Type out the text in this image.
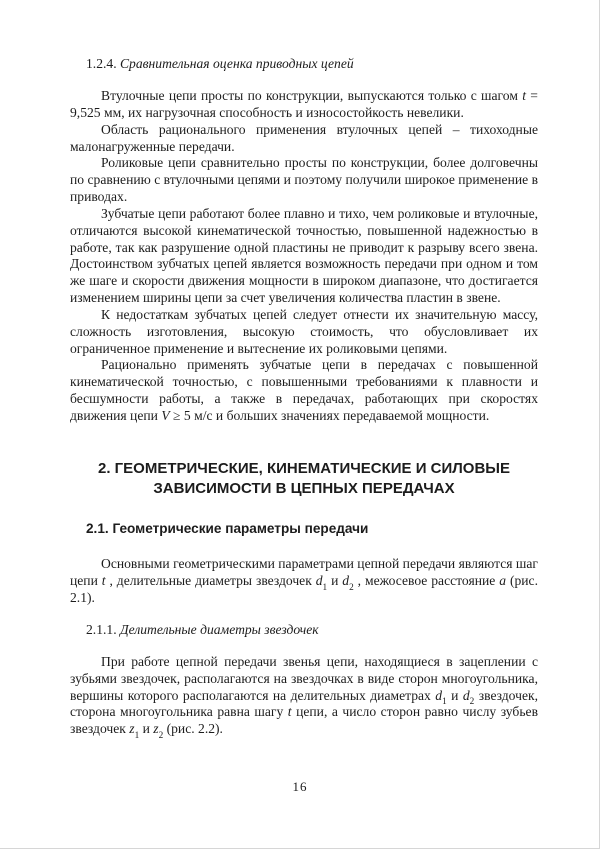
1.2.4. Сравнительная оценка приводных цепей

Втулочные цепи просты по конструкции, выпускаются только с шагом t = 9,525 мм, их нагрузочная способность и износостойкость невелики.

Область рационального применения втулочных цепей – тихоходные малонагруженные передачи.

Роликовые цепи сравнительно просты по конструкции, более долговечны по сравнению с втулочными цепями и поэтому получили широкое применение в приводах.

Зубчатые цепи работают более плавно и тихо, чем роликовые и втулочные, отличаются высокой кинематической точностью, повышенной надежностью в работе, так как разрушение одной пластины не приводит к разрыву всего звена. Достоинством зубчатых цепей является возможность передачи при одном и том же шаге и скорости движения мощности в широком диапазоне, что достигается изменением ширины цепи за счет увеличения количества пластин в звене.

К недостаткам зубчатых цепей следует отнести их значительную массу, сложность изготовления, высокую стоимость, что обусловливает их ограниченное применение и вытеснение их роликовыми цепями.

Рационально применять зубчатые цепи в передачах с повышенной кинематической точностью, с повышенными требованиями к плавности и бесшумности работы, а также в передачах, работающих при скоростях движения цепи V ≥ 5 м/с и больших значениях передаваемой мощности.

2. ГЕОМЕТРИЧЕСКИЕ, КИНЕМАТИЧЕСКИЕ И СИЛОВЫЕ
ЗАВИСИМОСТИ В ЦЕПНЫХ ПЕРЕДАЧАХ
2.1. Геометрические параметры передачи

Основными геометрическими параметрами цепной передачи являются шаг цепи t , делительные диаметры звездочек $d_1$ и $d_2$ , межосевое расстояние a (рис. 2.1).

2.1.1. Делительные диаметры звездочек

При работе цепной передачи звенья цепи, находящиеся в зацеплении с зубьями звездочек, располагаются на звездочках в виде сторон многоугольника, вершины которого располагаются на делительных диаметрах $d_1$ и $d_2$ звездочек, сторона многоугольника равна шагу t цепи, а число сторон равно числу зубьев звездочек $z_1$ и $z_2$ (рис. 2.2).

16
